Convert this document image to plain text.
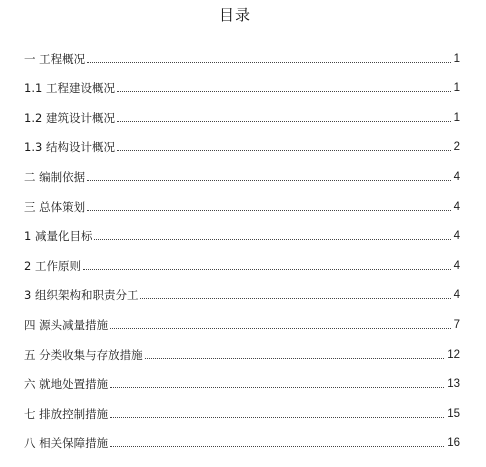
目录
一 工程概况	1
1.1 工程建设概况	1
1.2 建筑设计概况	1
1.3 结构设计概况	2
二 编制依据	4
三 总体策划	4
1 减量化目标	4
2 工作原则	4
3 组织架构和职责分工	4
四 源头减量措施	7
五 分类收集与存放措施	12
六 就地处置措施	13
七 排放控制措施	15
八 相关保障措施	16
